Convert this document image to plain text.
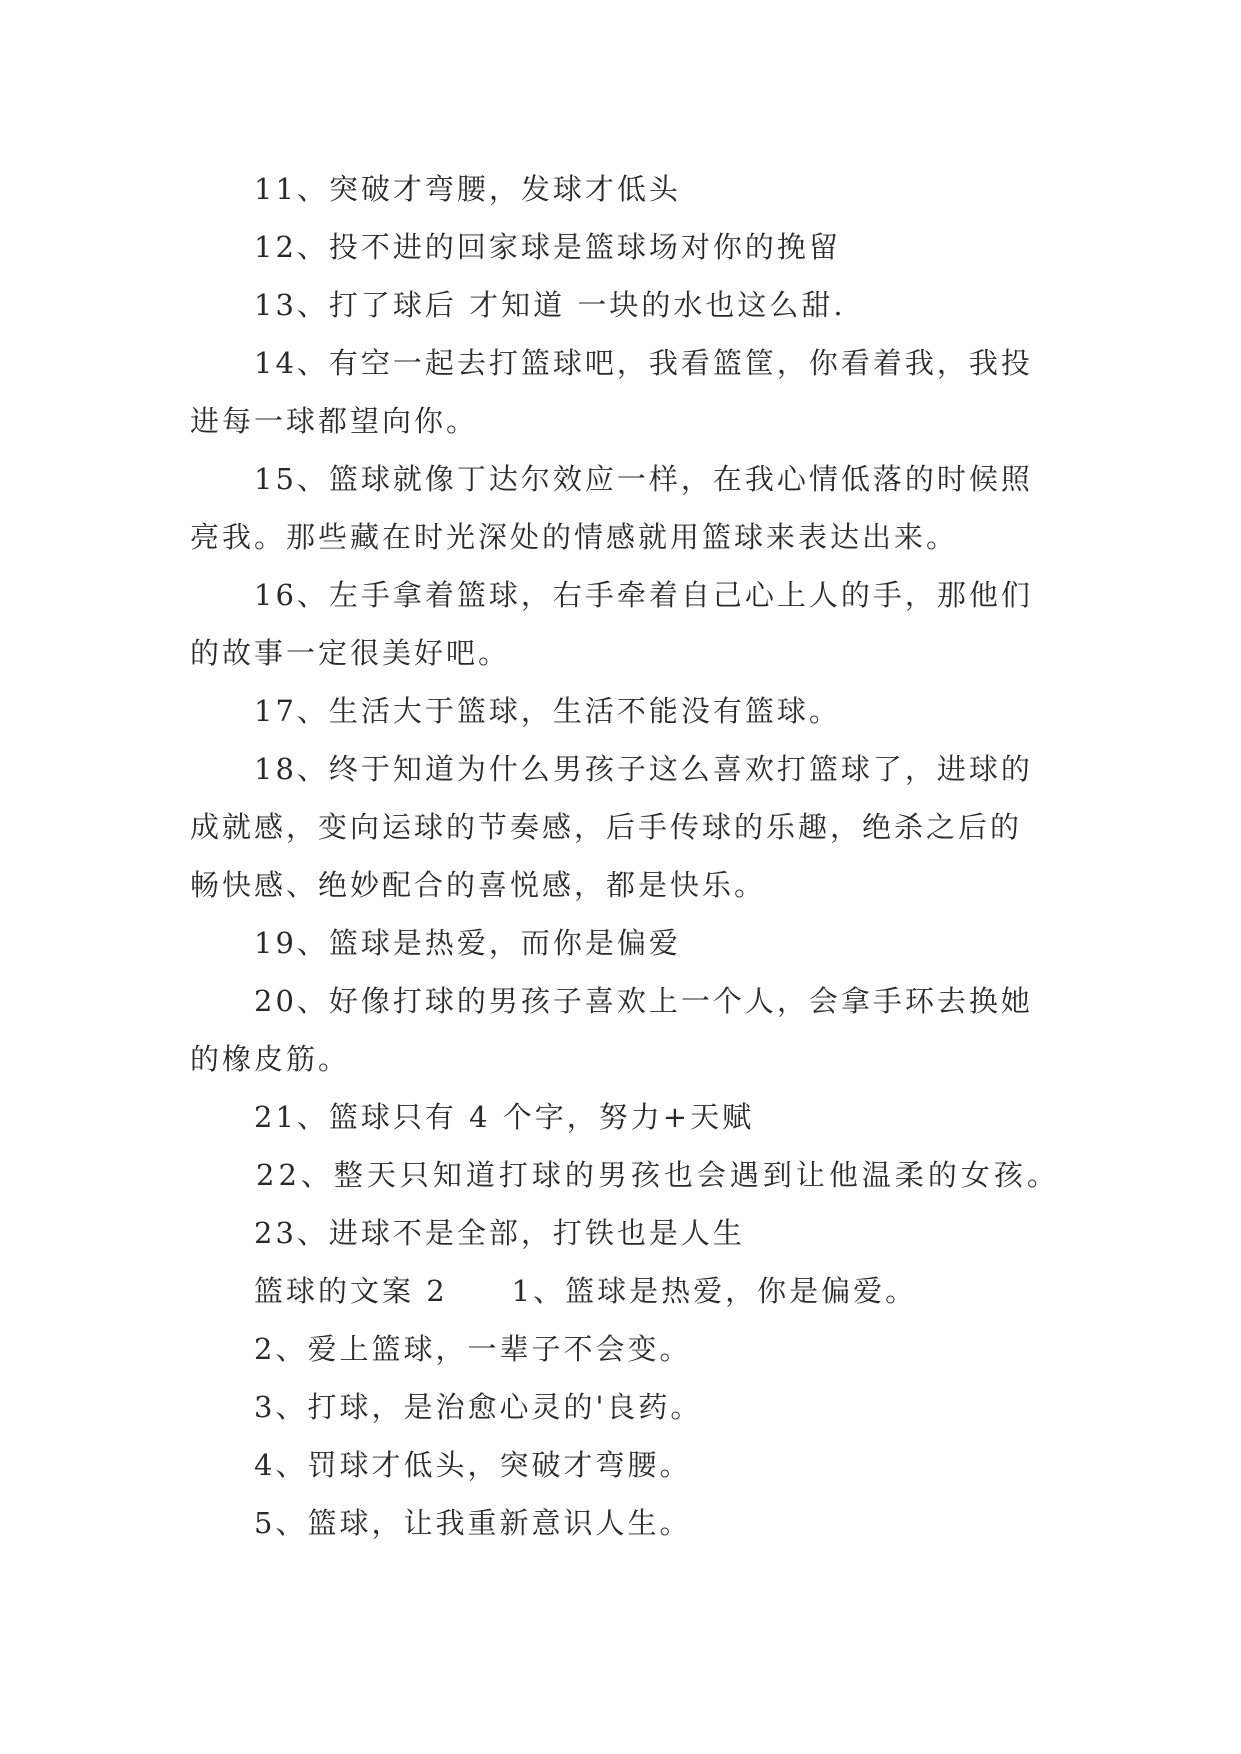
11、突破才弯腰，发球才低头
12、投不进的回家球是篮球场对你的挽留
13、打了球后 才知道 一块的水也这么甜.
14、有空一起去打篮球吧，我看篮筐，你看着我，我投
进每一球都望向你。
15、篮球就像丁达尔效应一样，在我心情低落的时候照
亮我。那些藏在时光深处的情感就用篮球来表达出来。
16、左手拿着篮球，右手牵着自己心上人的手，那他们
的故事一定很美好吧。
17、生活大于篮球，生活不能没有篮球。
18、终于知道为什么男孩子这么喜欢打篮球了，进球的
成就感，变向运球的节奏感，后手传球的乐趣，绝杀之后的
畅快感、绝妙配合的喜悦感，都是快乐。
19、篮球是热爱，而你是偏爱
20、好像打球的男孩子喜欢上一个人，会拿手环去换她
的橡皮筋。
21、篮球只有 4 个字，努力+天赋
22、整天只知道打球的男孩也会遇到让他温柔的女孩。
23、进球不是全部，打铁也是人生
篮球的文案 2 1、篮球是热爱，你是偏爱。
2、爱上篮球，一辈子不会变。
3、打球，是治愈心灵的'良药。
4、罚球才低头，突破才弯腰。
5、篮球，让我重新意识人生。
